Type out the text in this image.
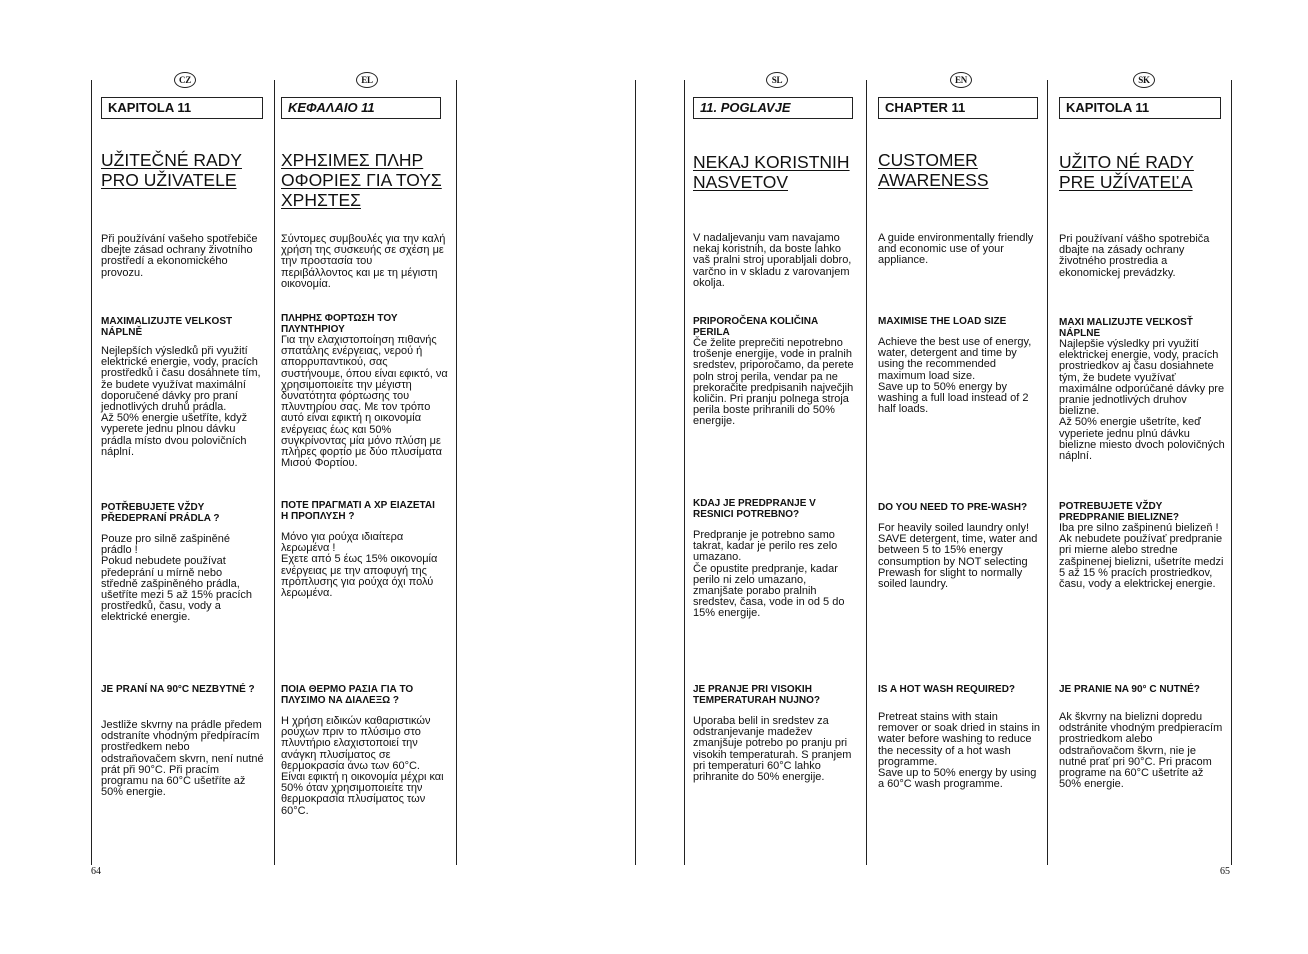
CZ
KAPITOLA 11
UŽITEČNÉ RADY
PRO UŽIVATELE
Při používání vašeho spotřebiče dbejte zásad ochrany životního prostředí a ekonomického provozu.
MAXIMALIZUJTE VELKOST NÁPLNĚ
Nejlepších výsledků při využití elektrické energie, vody, pracích prostředků i času dosáhnete tím, že budete využívat maximální doporučené dávky pro praní jednotlivých druhů prádla.
Až 50% energie ušetříte, když vyperete jednu plnou dávku prádla místo dvou polovičních náplní.
POTŘEBUJETE VŽDY PŘEDEPRANÍ PRÁDLA ?
Pouze pro silně zašpiněné prádlo !
Pokud nebudete používat předeprání u mírně nebo středně zašpiněného prádla, ušetříte mezi 5 až 15% pracích prostředků, času, vody a elektrické energie.
JE PRANÍ NA 90°C NEZBYTNÉ ?
Jestliže skvrny na prádle předem odstraníte vhodným předpíracím prostředkem nebo odstraňovačem skvrn, není nutné prát při 90°C. Při pracím programu na 60°C ušetříte až 50% energie.
EL
ΚΕΦΑΛΑΙΟ 11
ΧΡΗΣΙΜΕΣ ΠΛΗΡ
ΟΦΟΡΙΕΣ ΓΙΑ ΤΟΥΣ
ΧΡΗΣΤΕΣ
Σύντομες συμβουλές για την καλή χρήση της συσκευής σε σχέση με την προστασία του περιβάλλοντος και με τη μέγιστη οικονομία.
ΠΛΗΡΗΣ ΦΟΡΤΩΣΗ ΤΟΥ ΠΛΥΝΤΗΡΙΟΥ
Για την ελαχιστοποίηση πιθανής σπατάλης ενέργειας, νερού ή απορρυπαντικού, σας συστήνουμε, όπου είναι εφικτό, να χρησιμοποιείτε την μέγιστη δυνατότητα φόρτωσης του πλυντηρίου σας. Με τον τρόπο αυτό είναι εφικτή η οικονομία ενέργειας έως και 50% συγκρίνοντας μία μόνο πλύση με πλήρες φορτίο με δύο πλυσίματα Μισού Φορτίου.
ΠΟΤΕ ΠΡΑΓΜΑΤΙ Α ΧΡ ΕΙΑΖΕΤΑΙ Η ΠΡΟΠΛΥΣΗ ?
Μόνο για ρούχα ιδιαίτερα λερωμένα !
Εχετε από 5 έως 15% οικονομία ενέργειας με την αποφυγή της πρόπλυσης για ρούχα όχι πολύ λερωμένα.
ΠΟΙΑ ΘΕΡΜΟ ΡΑΣΙΑ ΓΙΑ ΤΟ ΠΛΥΣΙΜΟ ΝΑ ΔΙΑΛΕΞΩ ?
Η χρήση ειδικών καθαριστικών ρούχων πριν το πλύσιμο στο πλυντήριο ελαχιστοποιεί την ανάγκη πλυσίματος σε θερμοκρασία άνω των 60°C.
Είναι εφικτή η οικονομία μέχρι και 50% όταν χρησιμοποιείτε την θερμοκρασία πλυσίματος των 60°C.
SL
11. POGLAVJE
NEKAJ KORISTNIH
NASVETOV
V nadaljevanju vam navajamo nekaj koristnih, da boste lahko vaš pralni stroj uporabljali dobro, varčno in v skladu z varovanjem okolja.
PRIPOROČENA KOLIČINA PERILA
Če želite preprečiti nepotrebno trošenje energije, vode in pralnih sredstev, priporočamo, da perete poln stroj perila, vendar pa ne prekoračite predpisanih največjih količin. Pri pranju polnega stroja perila boste prihranili do 50% energije.
KDAJ JE PREDPRANJE V RESNICI POTREBNO?
Predpranje je potrebno samo takrat, kadar je perilo res zelo umazano.
Če opustite predpranje, kadar perilo ni zelo umazano, zmanjšate porabo pralnih sredstev, časa, vode in od 5 do 15% energije.
JE PRANJE PRI VISOKIH TEMPERATURAH NUJNO?
Uporaba belil in sredstev za odstranjevanje madežev zmanjšuje potrebo po pranju pri visokih temperaturah. S pranjem pri temperaturi 60°C lahko prihranite do 50% energije.
EN
CHAPTER 11
CUSTOMER
AWARENESS
A guide environmentally friendly and economic use of your appliance.
MAXIMISE THE LOAD SIZE
Achieve the best use of energy, water, detergent and time by using the recommended maximum load size.
Save up to 50% energy by washing a full load instead of 2 half loads.
DO YOU NEED TO PRE-WASH?
For heavily soiled laundry only!
SAVE detergent, time, water and between 5 to 15% energy consumption by NOT selecting Prewash for slight to normally soiled laundry.
IS A HOT WASH REQUIRED?
Pretreat stains with stain remover or soak dried in stains in water before washing to reduce the necessity of a hot wash programme.
Save up to 50% energy by using a 60°C wash programme.
SK
KAPITOLA 11
UŽITO NÉ RADY
PRE UŽÍVATEĽA
Pri používaní vášho spotrebiča dbajte na zásady ochrany životného prostredia a ekonomickej prevádzky.
MAXI MALIZUJTE VEĽKOSŤ NÁPLNE
Najlepšie výsledky pri využití elektrickej energie, vody, pracích prostriedkov aj času dosiahnete tým, že budete využívať maximálne odporúčané dávky pre pranie jednotlivých druhov bielizne.
Až 50% energie ušetríte, keď vyperiete jednu plnú dávku bielizne miesto dvoch polovičných náplní.
POTREBUJETE VŽDY PREDPRANIE BIELIZNE?
Iba pre silno zašpinenú bielizeň ! Ak nebudete používať predpranie pri mierne alebo stredne zašpinenej bielizni, ušetríte medzi 5 až 15 % pracích prostriedkov, času, vody a elektrickej energie.
JE PRANIE NA 90° C NUTNÉ?
Ak škvrny na bielizni dopredu odstránite vhodným predpieracím prostriedkom alebo odstraňovačom škvrn, nie je nutné prať pri 90°C. Pri pracom programe na 60°C ušetríte až 50% energie.
64	65
